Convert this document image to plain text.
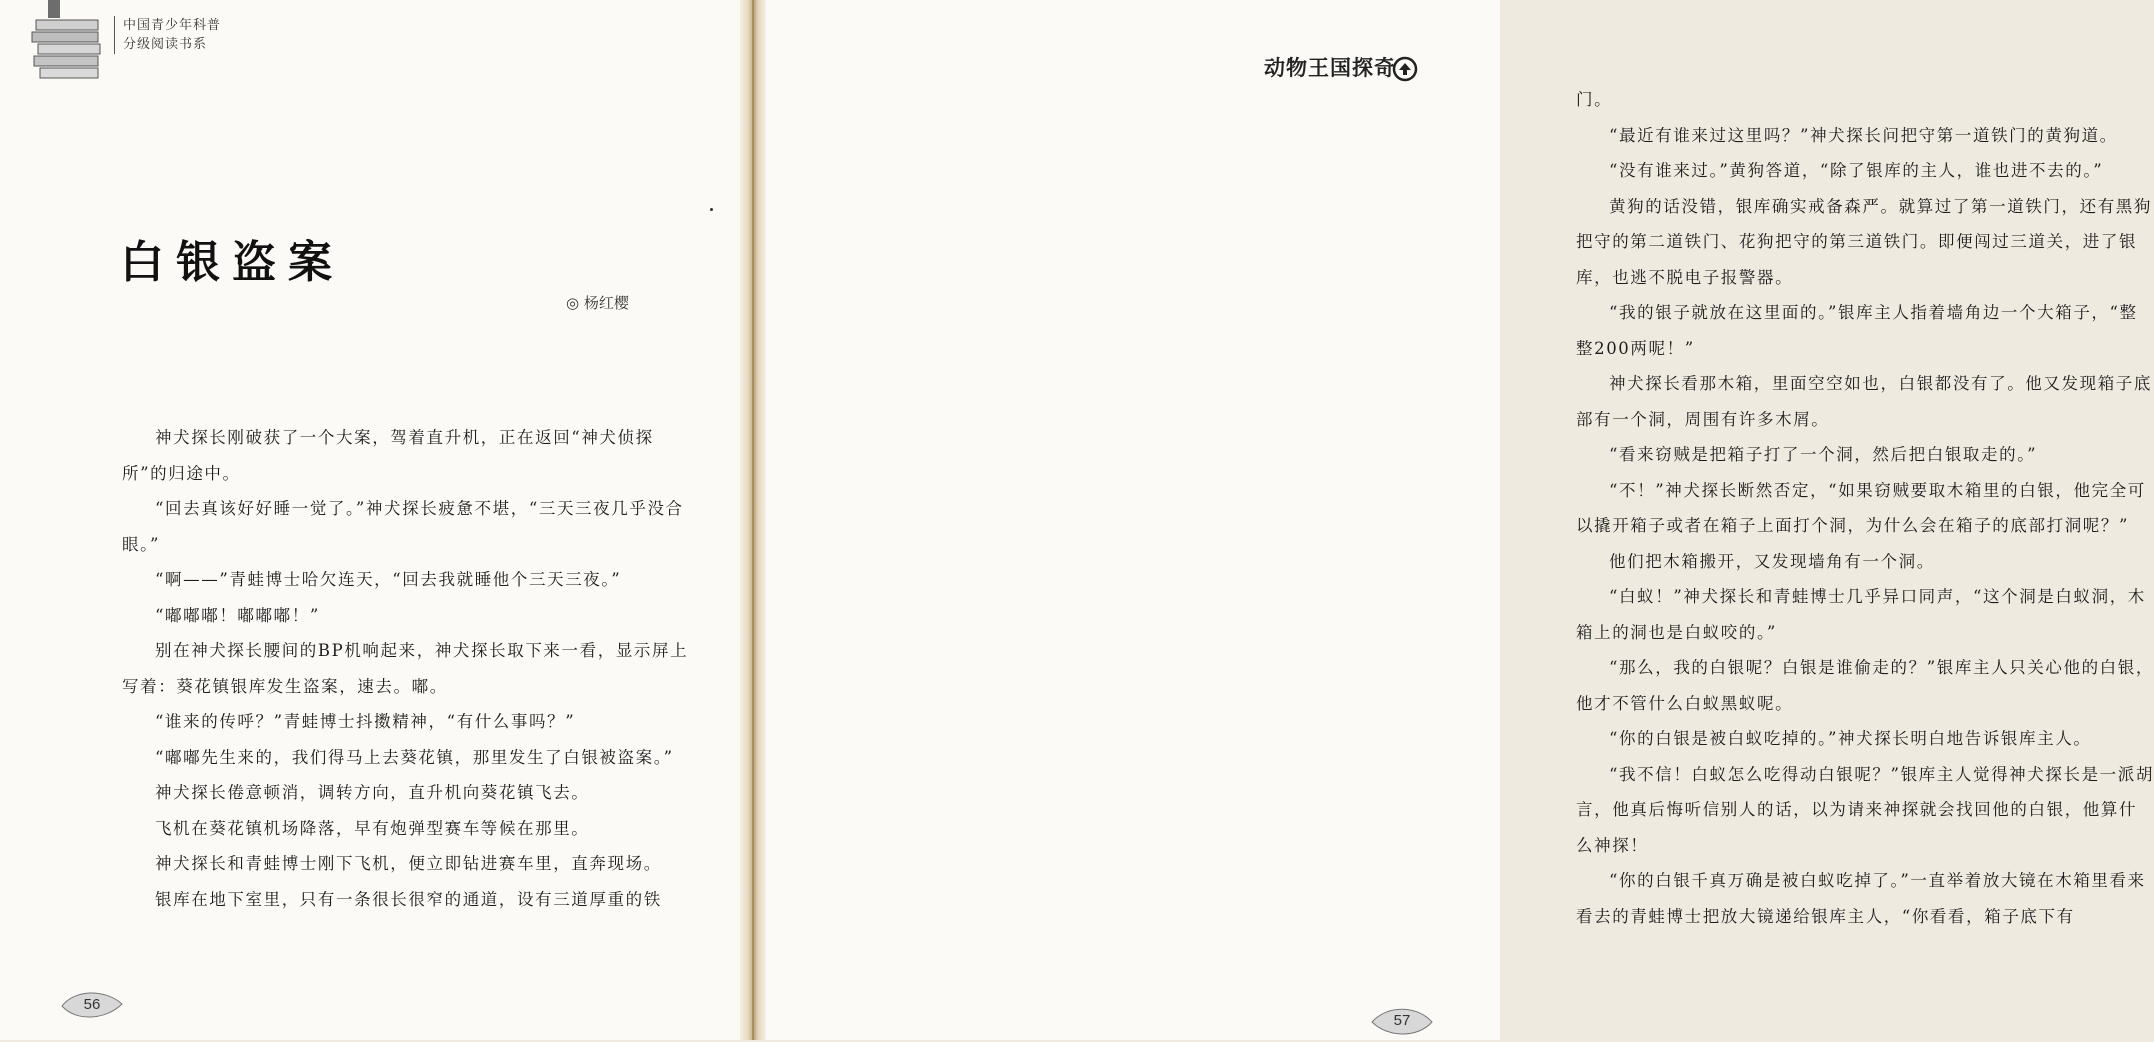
中国青少年科普
分级阅读书系
白银盗案
◎ 杨红樱

神犬探长刚破获了一个大案，驾着直升机，正在返回“神犬侦探所”的归途中。

“回去真该好好睡一觉了。”神犬探长疲惫不堪，“三天三夜几乎没合眼。”

“啊——”青蛙博士哈欠连天，“回去我就睡他个三天三夜。”

“嘟嘟嘟！嘟嘟嘟！”

别在神犬探长腰间的BP机响起来，神犬探长取下来一看，显示屏上写着：葵花镇银库发生盗案，速去。嘟。

“谁来的传呼？”青蛙博士抖擞精神，“有什么事吗？”

“嘟嘟先生来的，我们得马上去葵花镇，那里发生了白银被盗案。”

神犬探长倦意顿消，调转方向，直升机向葵花镇飞去。

飞机在葵花镇机场降落，早有炮弹型赛车等候在那里。

神犬探长和青蛙博士刚下飞机，便立即钻进赛车里，直奔现场。

银库在地下室里，只有一条很长很窄的通道，设有三道厚重的铁

56
动物王国探奇

门。

“最近有谁来过这里吗？”神犬探长问把守第一道铁门的黄狗道。

“没有谁来过。”黄狗答道，“除了银库的主人，谁也进不去的。”

黄狗的话没错，银库确实戒备森严。就算过了第一道铁门，还有黑狗把守的第二道铁门、花狗把守的第三道铁门。即便闯过三道关，进了银库，也逃不脱电子报警器。

“我的银子就放在这里面的。”银库主人指着墙角边一个大箱子，“整整200两呢！”

神犬探长看那木箱，里面空空如也，白银都没有了。他又发现箱子底部有一个洞，周围有许多木屑。

“看来窃贼是把箱子打了一个洞，然后把白银取走的。”

“不！”神犬探长断然否定，“如果窃贼要取木箱里的白银，他完全可以撬开箱子或者在箱子上面打个洞，为什么会在箱子的底部打洞呢？”

他们把木箱搬开，又发现墙角有一个洞。

“白蚁！”神犬探长和青蛙博士几乎异口同声，“这个洞是白蚁洞，木箱上的洞也是白蚁咬的。”

“那么，我的白银呢？白银是谁偷走的？”银库主人只关心他的白银，他才不管什么白蚁黑蚁呢。

“你的白银是被白蚁吃掉的。”神犬探长明白地告诉银库主人。

“我不信！白蚁怎么吃得动白银呢？”银库主人觉得神犬探长是一派胡言，他真后悔听信别人的话，以为请来神探就会找回他的白银，他算什么神探！

“你的白银千真万确是被白蚁吃掉了。”一直举着放大镜在木箱里看来看去的青蛙博士把放大镜递给银库主人，“你看看，箱子底下有

57
